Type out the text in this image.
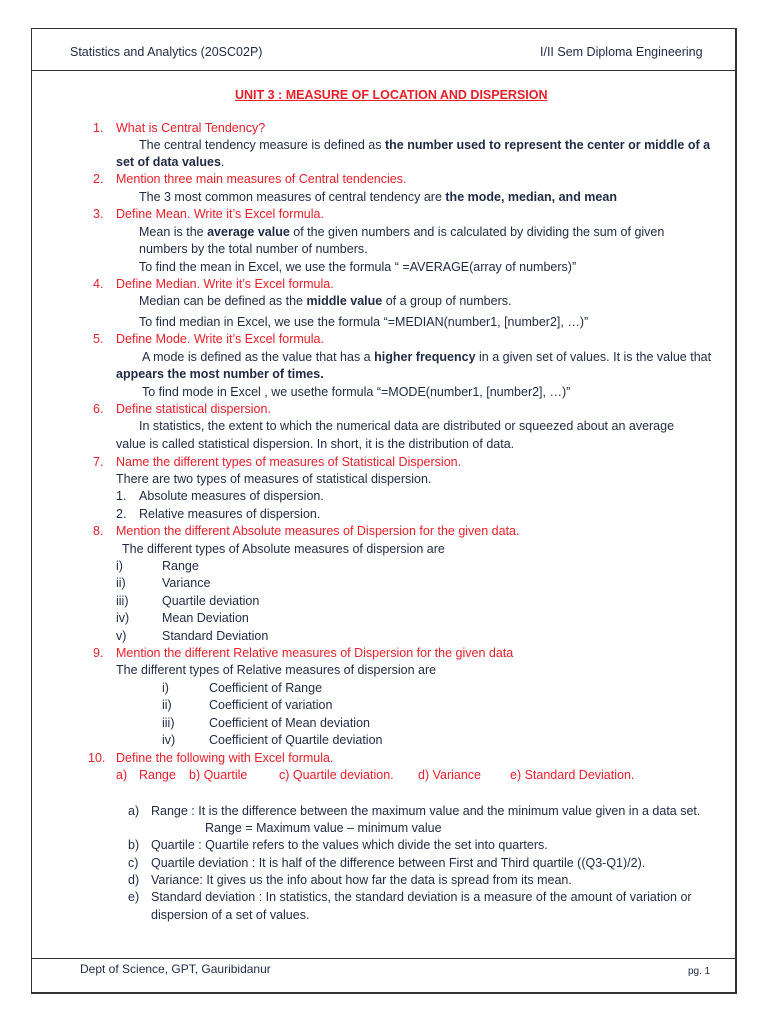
Statistics and Analytics (20SC02P)	I/II Sem Diploma Engineering
UNIT 3 : MEASURE OF LOCATION AND DISPERSION
1. What is Central Tendency?
The central tendency measure is defined as the number used to represent the center or middle of a
set of data values.
2. Mention three main measures of Central tendencies.
The 3 most common measures of central tendency are the mode, median, and mean
3. Define Mean. Write it’s Excel formula.
Mean is the average value of the given numbers and is calculated by dividing the sum of given
numbers by the total number of numbers.
To find the mean in Excel, we use the formula “ =AVERAGE(array of numbers)”
4. Define Median. Write it’s Excel formula.
Median can be defined as the middle value of a group of numbers.
To find median in Excel, we use the formula “=MEDIAN(number1, [number2], …)”
5. Define Mode. Write it’s Excel formula.
A mode is defined as the value that has a higher frequency in a given set of values. It is the value that
appears the most number of times.
To find mode in Excel , we usethe formula “=MODE(number1, [number2], …)”
6. Define statistical dispersion.
In statistics, the extent to which the numerical data are distributed or squeezed about an average
value is called statistical dispersion. In short, it is the distribution of data.
7. Name the different types of measures of Statistical Dispersion.
There are two types of measures of statistical dispersion.
1. Absolute measures of dispersion.
2. Relative measures of dispersion.
8. Mention the different Absolute measures of Dispersion for the given data.
The different types of Absolute measures of dispersion are
i)	Range
ii)	Variance
iii)	Quartile deviation
iv)	Mean Deviation
v)	Standard Deviation
9. Mention the different Relative measures of Dispersion for the given data
The different types of Relative measures of dispersion are
i)	Coefficient of Range
ii)	Coefficient of variation
iii)	Coefficient of Mean deviation
iv)	Coefficient of Quartile deviation
10. Define the following with Excel formula.
a) Range b) Quartile	c) Quartile deviation. d) Variance e) Standard Deviation.
a) Range : It is the difference between the maximum value and the minimum value given in a data set.
Range = Maximum value – minimum value
b) Quartile : Quartile refers to the values which divide the set into quarters.
c) Quartile deviation : It is half of the difference between First and Third quartile ((Q3-Q1)/2).
d) Variance: It gives us the info about how far the data is spread from its mean.
e) Standard deviation : In statistics, the standard deviation is a measure of the amount of variation or
dispersion of a set of values.
Dept of Science, GPT, Gauribidanur	pg. 1
